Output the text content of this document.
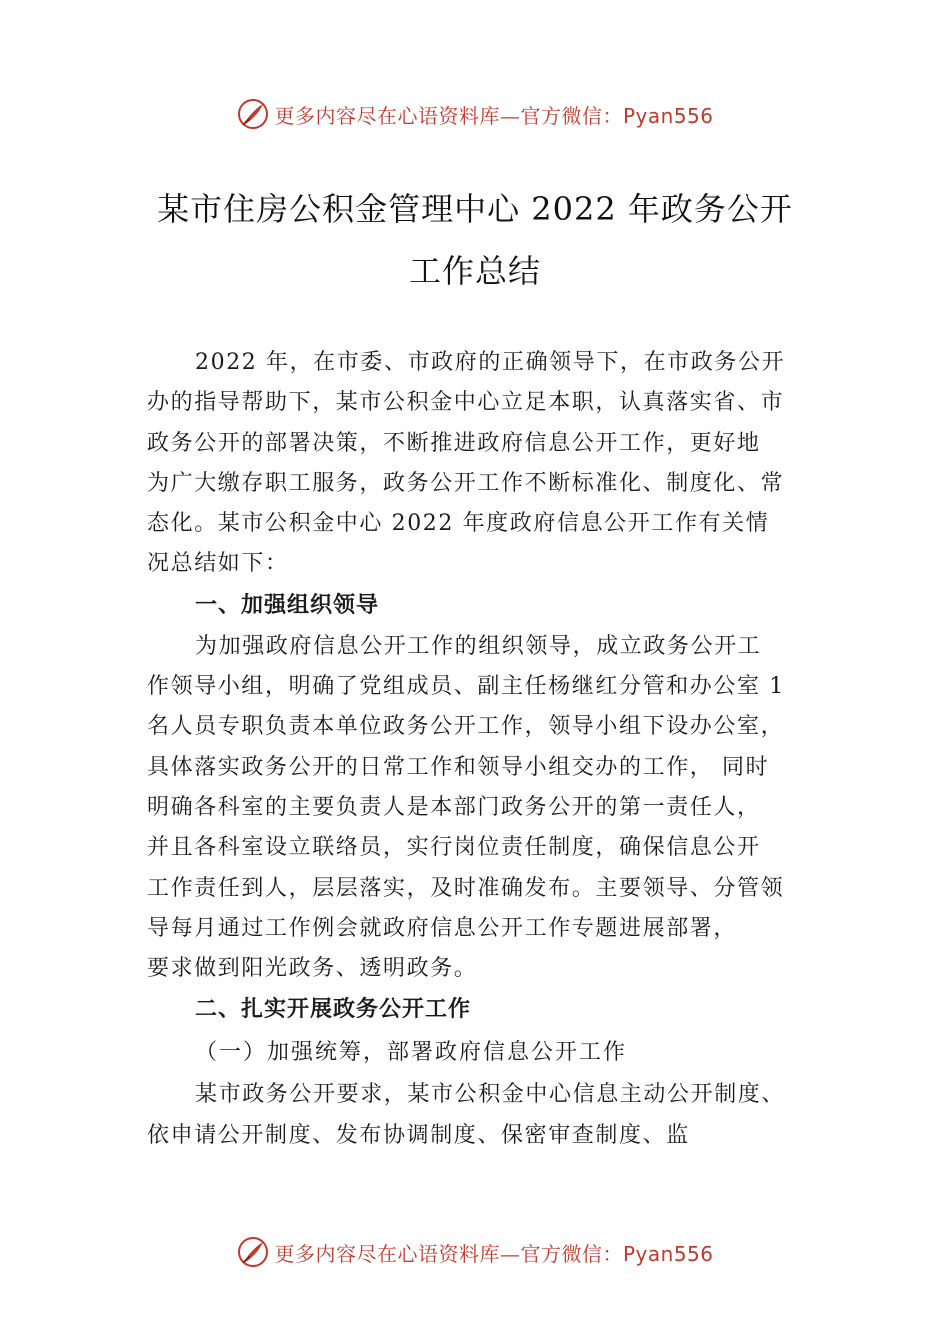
更多内容尽在心语资料库—官方微信：Pyan556
某市住房公积金管理中心 2022 年政务公开
工作总结

2022 年，在市委、市政府的正确领导下，在市政务公开
办的指导帮助下，某市公积金中心立足本职，认真落实省、市
政务公开的部署决策，不断推进政府信息公开工作，更好地
为广大缴存职工服务，政务公开工作不断标准化、制度化、常
态化。某市公积金中心 2022 年度政府信息公开工作有关情
况总结如下：

一、加强组织领导

为加强政府信息公开工作的组织领导，成立政务公开工
作领导小组，明确了党组成员、副主任杨继红分管和办公室 1
名人员专职负责本单位政务公开工作，领导小组下设办公室，
具体落实政务公开的日常工作和领导小组交办的工作， 同时
明确各科室的主要负责人是本部门政务公开的第一责任人，
并且各科室设立联络员，实行岗位责任制度，确保信息公开
工作责任到人，层层落实，及时准确发布。主要领导、分管领
导每月通过工作例会就政府信息公开工作专题进展部署，
要求做到阳光政务、透明政务。

二、扎实开展政务公开工作
（一）加强统筹，部署政府信息公开工作

某市政务公开要求，某市公积金中心信息主动公开制度、
依申请公开制度、发布协调制度、保密审查制度、监

更多内容尽在心语资料库—官方微信：Pyan556
